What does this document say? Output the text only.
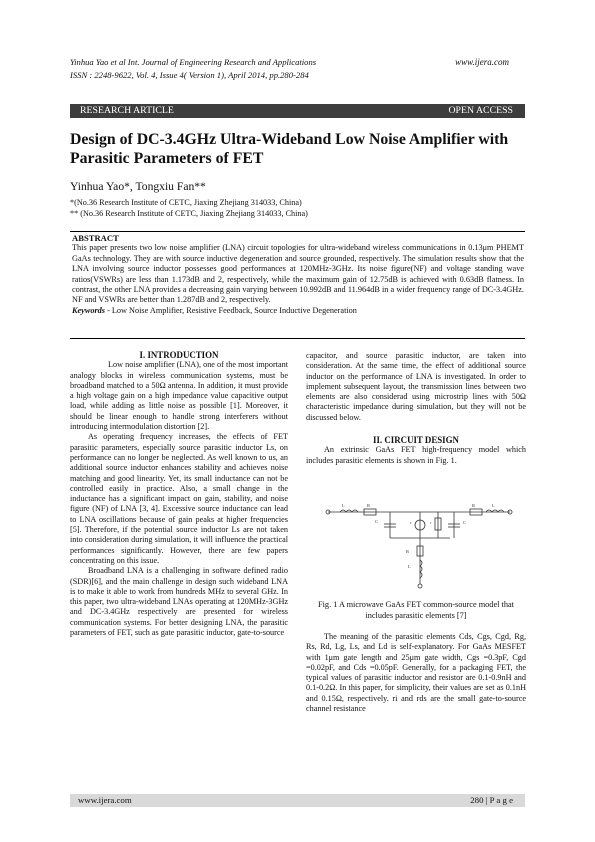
Yinhua Yao et al Int. Journal of Engineering Research and Applications
ISSN : 2248-9622, Vol. 4, Issue 4( Version 1), April 2014, pp.280-284
www.ijera.com
RESEARCH ARTICLE	OPEN ACCESS
Design of DC-3.4GHz Ultra-Wideband Low Noise Amplifier with Parasitic Parameters of FET
Yinhua Yao*, Tongxiu Fan**
*(No.36 Research Institute of CETC, Jiaxing Zhejiang 314033, China)
** (No.36 Research Institute of CETC, Jiaxing Zhejiang 314033, China)
ABSTRACT
This paper presents two low noise amplifier (LNA) circuit topologies for ultra-wideband wireless communications in 0.13μm PHEMT GaAs technology. They are with source inductive degeneration and source grounded, respectively. The simulation results show that the LNA involving source inductor possesses good performances at 120MHz-3GHz. Its noise figure(NF) and voltage standing wave ratios(VSWRs) are less than 1.173dB and 2, respectively, while the maximum gain of 12.75dB is achieved with 0.63dB flatness. In contrast, the other LNA provides a decreasing gain varying between 10.992dB and 11.964dB in a wider frequency range of DC-3.4GHz. NF and VSWRs are better than 1.287dB and 2, respectively.
Keywords - Low Noise Amplifier, Resistive Feedback, Source Inductive Degeneration
I. INTRODUCTION

Low noise amplifier (LNA), one of the most important analogy blocks in wireless communication systems, must be broadband matched to a 50Ω antenna. In addition, it must provide a high voltage gain on a high impedance value capacitive output load, while adding as little noise as possible [1]. Moreover, it should be linear enough to handle strong interferers without introducing intermodulation distortion [2].

As operating frequency increases, the effects of FET parasitic parameters, especially source parasitic inductor Ls, on performance can no longer be neglected. As well known to us, an additional source inductor enhances stability and achieves noise matching and good linearity. Yet, its small inductance can not be controlled easily in practice. Also, a small change in the inductance has a significant impact on gain, stability, and noise figure (NF) of LNA [3, 4]. Excessive source inductance can lead to LNA oscillations because of gain peaks at higher frequencies [5]. Therefore, if the potential source inductor Ls are not taken into consideration during simulation, it will influence the practical performances significantly. However, there are few papers concentrating on this issue.

Broadband LNA is a challenging in software defined radio (SDR)[6], and the main challenge in design such wideband LNA is to make it able to work from hundreds MHz to several GHz. In this paper, two ultra-wideband LNAs operating at 120MHz-3GHz and DC-3.4GHz respectively are presented for wireless communication systems. For better designing LNA, the parasitic parameters of FET, such as gate parasitic inductor, gate-to-source

capacitor, and source parasitic inductor, are taken into consideration. At the same time, the effect of additional source inductor on the performance of LNA is investigated. In order to implement subsequent layout, the transmission lines between two elements are also considerad using microstrip lines with 50Ω characteristic impedance during simulation, but they will not be discussed below.

II. CIRCUIT DESIGN

An extrinsic GaAs FET high-frequency model which includes parasitic elements is shown in Fig. 1.

L	R
C	r	r	C
R	L
R
L
Fig. 1 A microwave GaAs FET common-source model that includes parasitic elements [7]

The meaning of the parasitic elements Cds, Cgs, Cgd, Rg, Rs, Rd, Lg, Ls, and Ld is self-explanatory. For GaAs MESFET with 1μm gate length and 25μm gate width, Cgs =0.3pF, Cgd =0.02pF, and Cds =0.05pF. Generally, for a packaging FET, the typical values of parasitic inductor and resistor are 0.1-0.9nH and 0.1-0.2Ω. In this paper, for simplicity, their values are set as 0.1nH and 0.15Ω, respectively. ri and rds are the small gate-to-source channel resistance

www.ijera.com	280 | P a g e
